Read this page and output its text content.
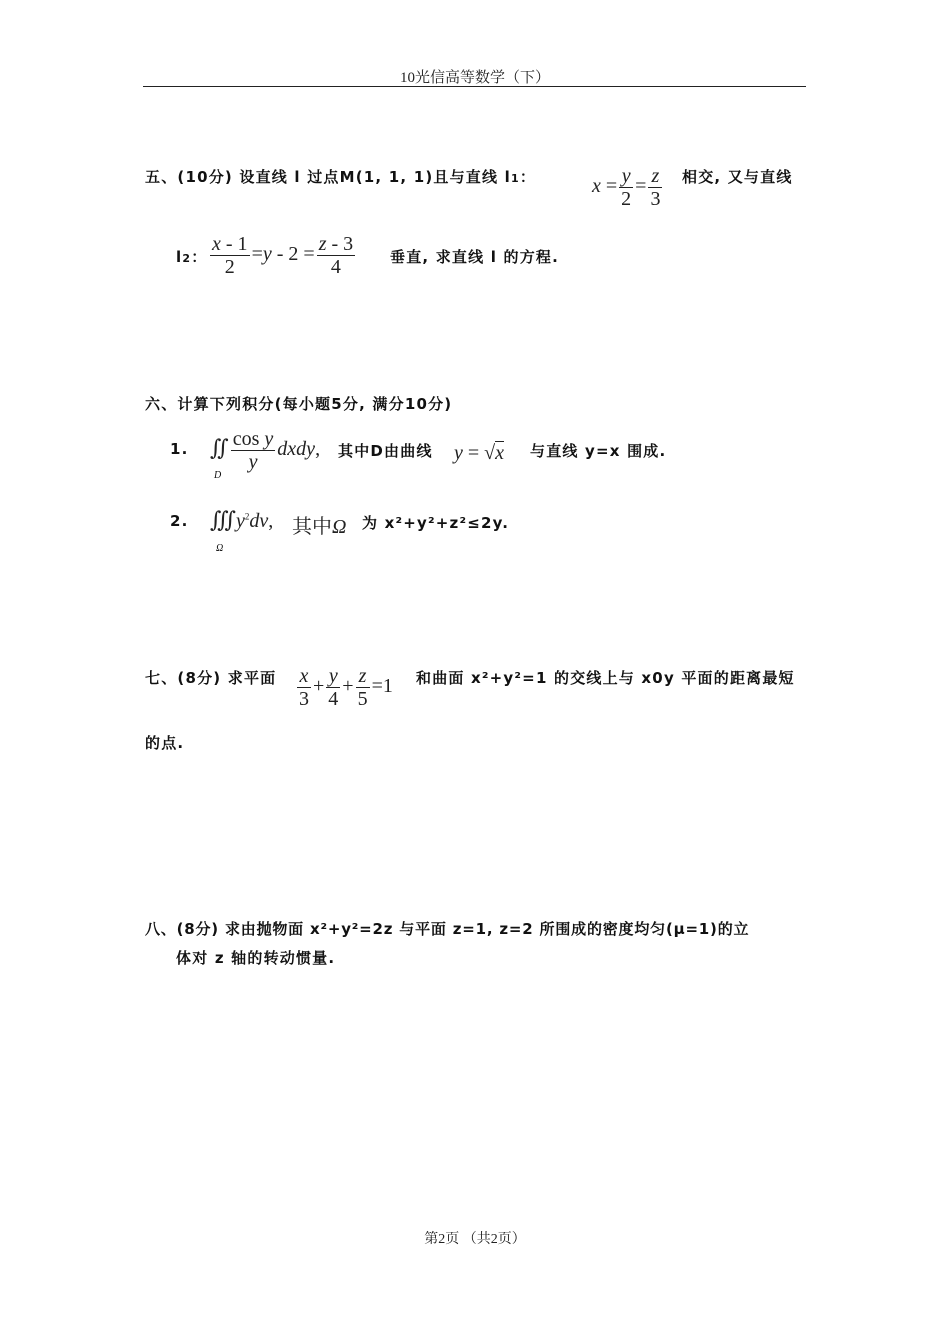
10光信高等数学（下）
五、(10分) 设直线 l 过点M(1, 1, 1)且与直线 l1：	$x = \frac{y}{2} = \frac{z}{3}$ 相交, 又与直线
l2： $\frac{x - 1}{2} =y - 2 = \frac{z - 3}{4}$ 垂直, 求直线 l 的方程.
六、计算下列积分(每小题5分, 满分10分)
1. ∬ $\frac{\text{cos y}}{y}$ dxdy,
D
其中D由曲线 y = √x 与直线 y=x 围成.
2. $∭y^2dv$,
Ω
其中Ω 为 x²+y²+z²≤2y.
七、(8分) 求平面 $\frac{x}{3} + \frac{y}{4} + \frac{z}{5} =1$ 和曲面 x²+y²=1 的交线上与 x0y 平面的距离最短
的点.
八、(8分) 求由抛物面 x²+y²=2z 与平面 z=1, z=2 所围成的密度均匀(μ=1)的立
体对 z 轴的转动惯量.
第2页 （共2页）
